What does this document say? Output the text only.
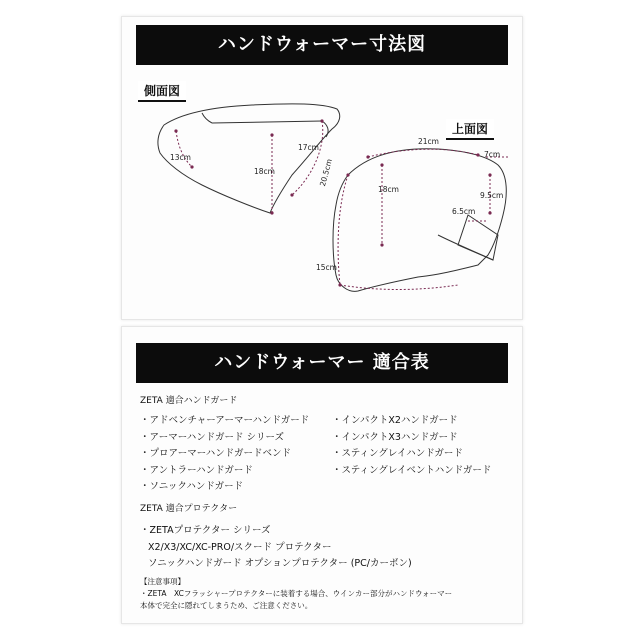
ハンドウォーマー寸法図
側面図
上面図
13cm
17cm
18cm
21cm
7cm
20.5cm
18cm
9.5cm
6.5cm
15cm
ハンドウォーマー 適合表
ZETA 適合ハンドガード
・アドベンチャーアーマーハンドガード
・アーマーハンドガード シリーズ
・プロアーマーハンドガードベンド
・アントラーハンドガード
・ソニックハンドガード
・インパクトX2ハンドガード
・インパクトX3ハンドガード
・スティングレイハンドガード
・スティングレイベントハンドガード
ZETA 適合プロテクター
・ZETAプロテクター シリーズ
X2/X3/XC/XC-PRO/スクード プロテクター
ソニックハンドガード オプションプロテクター (PC/カーボン)
【注意事項】
・ZETA　XCフラッシャープロテクターに装着する場合、ウインカー部分がハンドウォーマー
本体で完全に隠れてしまうため、ご注意ください。
